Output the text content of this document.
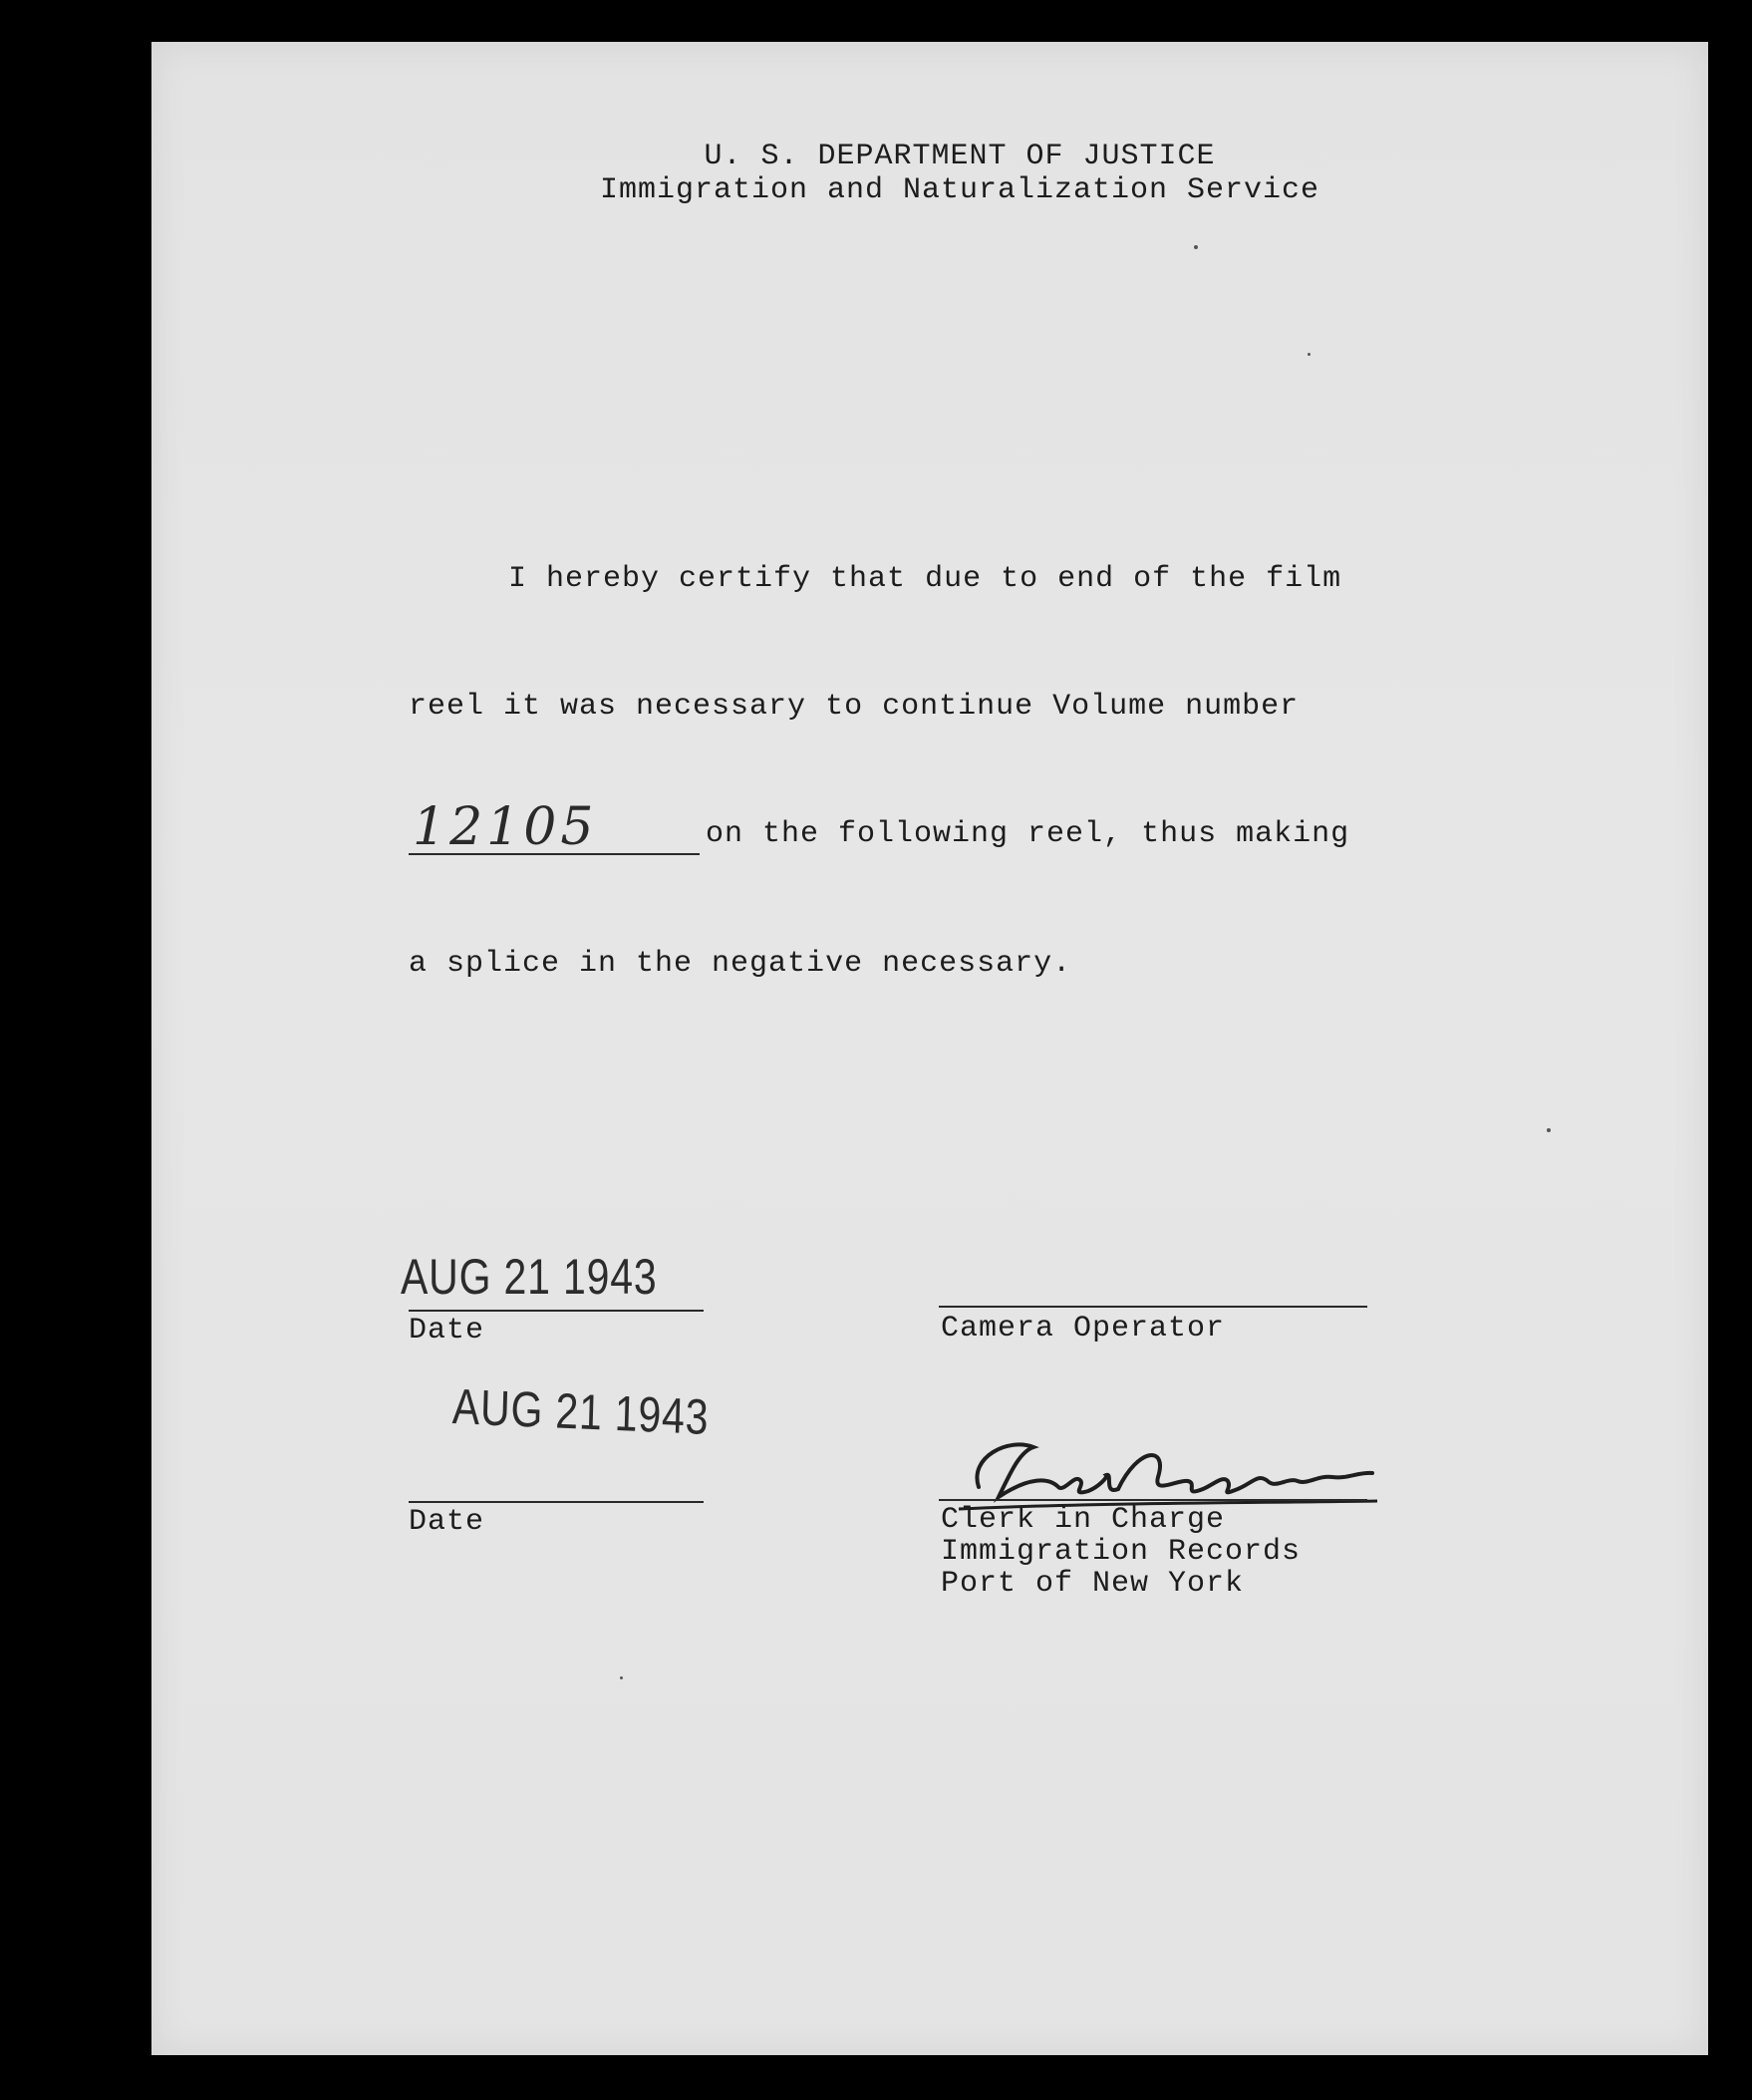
U. S. DEPARTMENT OF JUSTICE
Immigration and Naturalization Service
I hereby certify that due to end of the film
reel it was necessary to continue Volume number
12105	on the following reel, thus making
a splice in the negative necessary.
AUG 21 1943
Date	Camera Operator
AUG 21 1943
Date	Clerk in Charge
Immigration Records
Port of New York
